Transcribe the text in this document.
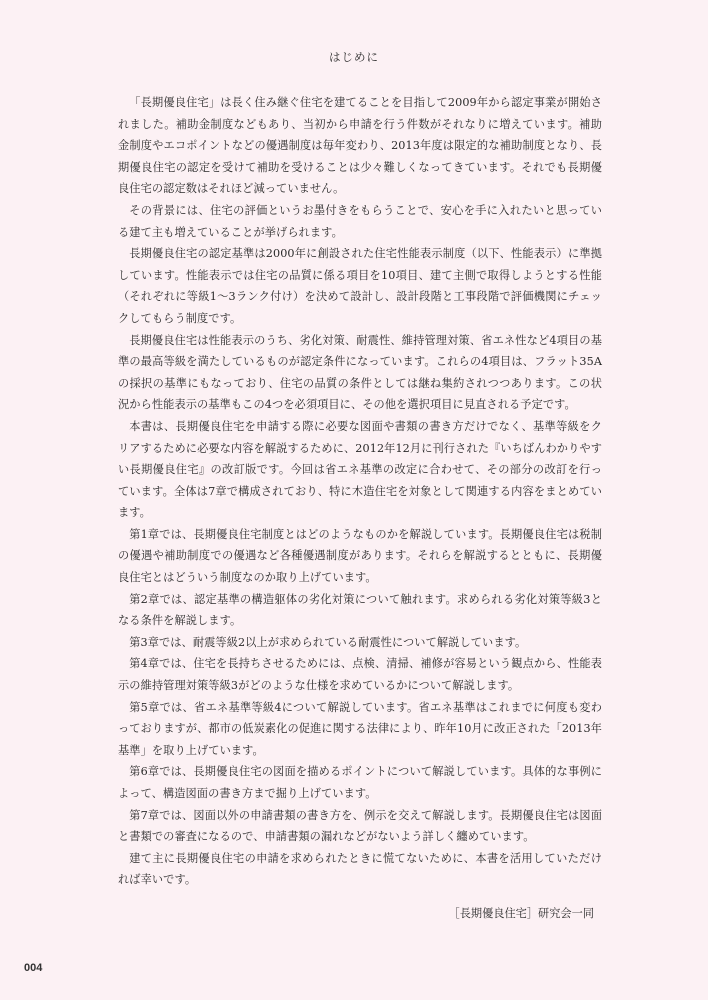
はじめに

「長期優良住宅」は長く住み継ぐ住宅を建てることを目指して2009年から認定事業が開始されました。補助金制度などもあり、当初から申請を行う件数がそれなりに増えています。補助金制度やエコポイントなどの優遇制度は毎年変わり、2013年度は限定的な補助制度となり、長期優良住宅の認定を受けて補助を受けることは少々難しくなってきています。それでも長期優良住宅の認定数はそれほど減っていません。

その背景には、住宅の評価というお墨付きをもらうことで、安心を手に入れたいと思っている建て主も増えていることが挙げられます。

長期優良住宅の認定基準は2000年に創設された住宅性能表示制度（以下、性能表示）に準拠しています。性能表示では住宅の品質に係る項目を10項目、建て主側で取得しようとする性能（それぞれに等級1～3ランク付け）を決めて設計し、設計段階と工事段階で評価機関にチェックしてもらう制度です。

長期優良住宅は性能表示のうち、劣化対策、耐震性、維持管理対策、省エネ性など4項目の基準の最高等級を満たしているものが認定条件になっています。これらの4項目は、フラット35Aの採択の基準にもなっており、住宅の品質の条件としては継ね集約されつつあります。この状況から性能表示の基準もこの4つを必須項目に、その他を選択項目に見直される予定です。

本書は、長期優良住宅を申請する際に必要な図面や書類の書き方だけでなく、基準等級をクリアするために必要な内容を解説するために、2012年12月に刊行された『いちばんわかりやすい長期優良住宅』の改訂版です。今回は省エネ基準の改定に合わせて、その部分の改訂を行っています。全体は7章で構成されており、特に木造住宅を対象として関連する内容をまとめています。

第1章では、長期優良住宅制度とはどのようなものかを解説しています。長期優良住宅は税制の優遇や補助制度での優遇など各種優遇制度があります。それらを解説するとともに、長期優良住宅とはどういう制度なのか取り上げています。

第2章では、認定基準の構造躯体の劣化対策について触れます。求められる劣化対策等級3となる条件を解説します。

第3章では、耐震等級2以上が求められている耐震性について解説しています。

第4章では、住宅を長持ちさせるためには、点検、清掃、補修が容易という観点から、性能表示の維持管理対策等級3がどのような仕様を求めているかについて解説します。

第5章では、省エネ基準等級4について解説しています。省エネ基準はこれまでに何度も変わっておりますが、都市の低炭素化の促進に関する法律により、昨年10月に改正された「2013年基準」を取り上げています。

第6章では、長期優良住宅の図面を描めるポイントについて解説しています。具体的な事例によって、構造図面の書き方まで掘り上げています。

第7章では、図面以外の申請書類の書き方を、例示を交えて解説します。長期優良住宅は図面と書類での審査になるので、申請書類の漏れなどがないよう詳しく纏めています。

建て主に長期優良住宅の申請を求められたときに慌てないために、本書を活用していただければ幸いです。

［長期優良住宅］研究会一同
004
